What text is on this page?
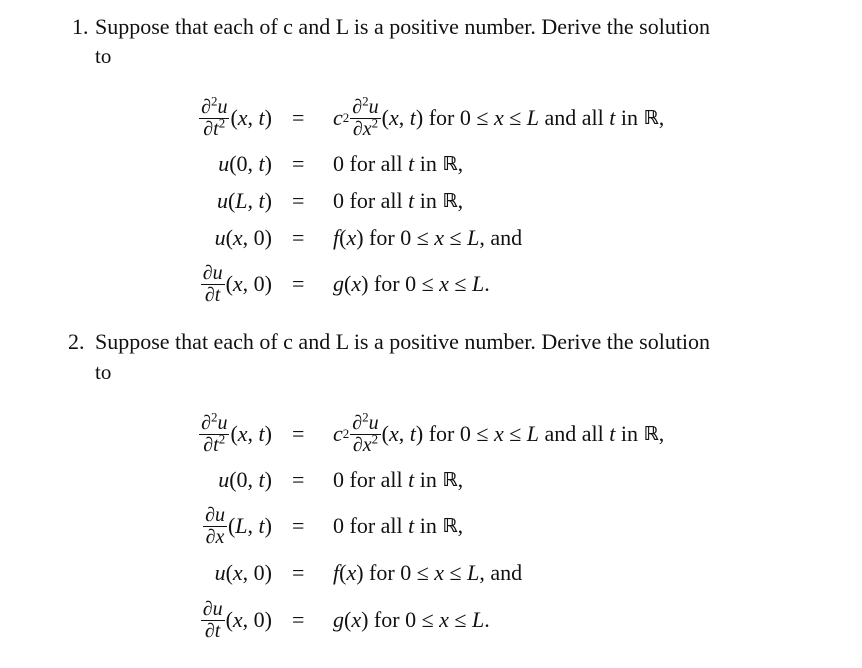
1. Suppose that each of c and L is a positive number. Derive the solution
to
$\frac{\partial^2u}{\partial t^2}$ ( x , t ) = c $2 \frac{\partial^2u}{\partial x^2}$ ( x , t ) for 0 ≤ x ≤ L and all t in ℝ ,
u (0, t ) = 0 for all t in ℝ ,
u ( L , t ) = 0 for all t in ℝ ,
u ( x , 0) = f ( x ) for 0 ≤ x ≤ L , and
$\frac{\partial u}{\partial t}$ ( x , 0) = g ( x ) for 0 ≤ x ≤ L .
2. Suppose that each of c and L is a positive number. Derive the solution
to
$\frac{\partial^2u}{\partial t^2}$ ( x , t ) = c $2 \frac{\partial^2u}{\partial x^2}$ ( x , t ) for 0 ≤ x ≤ L and all t in ℝ ,
u (0, t ) = 0 for all t in ℝ ,
$\frac{\partial u}{\partial x}$ ( L , t ) = 0 for all t in ℝ ,
u ( x , 0) = f ( x ) for 0 ≤ x ≤ L , and
$\frac{\partial u}{\partial t}$ ( x , 0) = g ( x ) for 0 ≤ x ≤ L .
